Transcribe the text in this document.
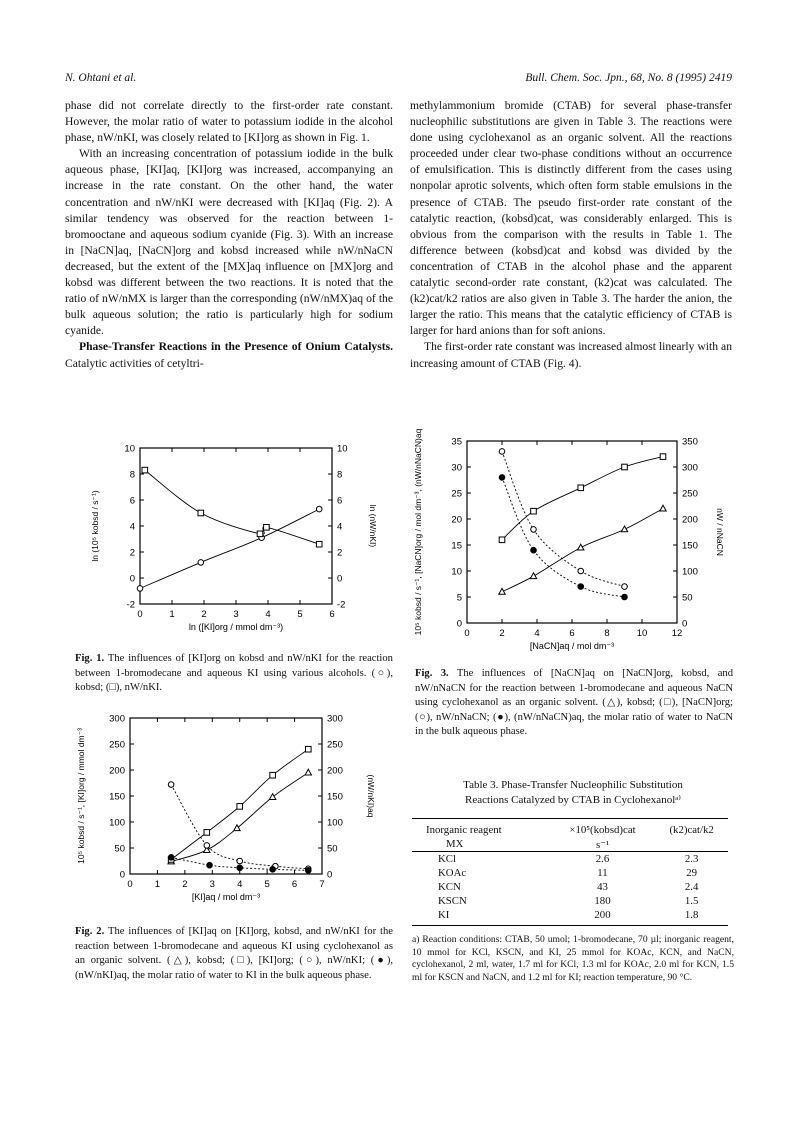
N. Ohtani et al.	Bull. Chem. Soc. Jpn., 68, No. 8 (1995) 2419

phase did not correlate directly to the first-order rate constant. However, the molar ratio of water to potassium iodide in the alcohol phase, nW/nKI, was closely related to [KI]org as shown in Fig. 1.

With an increasing concentration of potassium iodide in the bulk aqueous phase, [KI]aq, [KI]org was increased, accompanying an increase in the rate constant. On the other hand, the water concentration and nW/nKI were decreased with [KI]aq (Fig. 2). A similar tendency was observed for the reaction between 1-bromooctane and aqueous sodium cyanide (Fig. 3). With an increase in [NaCN]aq, [NaCN]org and kobsd increased while nW/nNaCN decreased, but the extent of the [MX]aq influence on [MX]org and kobsd was different between the two reactions. It is noted that the ratio of nW/nMX is larger than the corresponding (nW/nMX)aq of the bulk aqueous solution; the ratio is particularly high for sodium cyanide.

Phase-Transfer Reactions in the Presence of Onium Catalysts. Catalytic activities of cetyltri-

methylammonium bromide (CTAB) for several phase-transfer nucleophilic substitutions are given in Table 3. The reactions were done using cyclohexanol as an organic solvent. All the reactions proceeded under clear two-phase conditions without an occurrence of emulsification. This is distinctly different from the cases using nonpolar aprotic solvents, which often form stable emulsions in the presence of CTAB. The pseudo first-order rate constant of the catalytic reaction, (kobsd)cat, was considerably enlarged. This is obvious from the comparison with the results in Table 1. The difference between (kobsd)cat and kobsd was divided by the concentration of CTAB in the alcohol phase and the apparent catalytic second-order rate constant, (k2)cat was calculated. The (k2)cat/k2 ratios are also given in Table 3. The harder the anion, the larger the ratio. This means that the catalytic efficiency of CTAB is larger for hard anions than for soft anions.

The first-order rate constant was increased almost linearly with an increasing amount of CTAB (Fig. 4).

0	1	2	3	4	5	6
-2
0
2
4
6
8
10
-2
0
2
4
6
8
10
ln ([KI]org / mmol dm⁻³)
ln (10⁵ kobsd / s⁻¹)	ln (nW/nKI)
Fig. 1. The influences of [KI]org on kobsd and nW/nKI for the reaction between 1-bromodecane and aqueous KI using various alcohols. (○), kobsd; (□), nW/nKI.
0 1 2 3 4 5 6 7
0
50
100
150
200
250
300
0
50
100
150
200
250
300
[KI]aq / mol dm⁻³
10⁵ kobsd / s⁻¹, [KI]org / mmol dm⁻³	(nW/nKI)aq
Fig. 2. The influences of [KI]aq on [KI]org, kobsd, and nW/nKI for the reaction between 1-bromodecane and aqueous KI using cyclohexanol as an organic solvent. (△), kobsd; (□), [KI]org; (○), nW/nKI; (●), (nW/nKI)aq, the molar ratio of water to KI in the bulk aqueous phase.
0	2	4	6	8	10	12
0
5
10
15
20
25
30
35
0
50
100
150
200
250
300
350
[NaCN]aq / mol dm⁻³
10⁵ kobsd / s⁻¹, [NaCN]org / mol dm⁻³, (nW/nNaCN)aq	nW / nNaCN
Fig. 3. The influences of [NaCN]aq on [NaCN]org, kobsd, and nW/nNaCN for the reaction between 1-bromodecane and aqueous NaCN using cyclohexanol as an organic solvent. (△), kobsd; (□), [NaCN]org; (○), nW/nNaCN; (●), (nW/nNaCN)aq, the molar ratio of water to NaCN in the bulk aqueous phase.
Table 3. Phase-Transfer Nucleophilic Substitution
Reactions Catalyzed by CTAB in Cyclohexanolᵃ⁾
Inorganic reagent	×10⁵(kobsd)cat	(k2)cat/k2
MX	s⁻¹	
KCl	2.6	2.3
KOAc	11	29
KCN	43	2.4
KSCN	180	1.5
KI	200	1.8
a) Reaction conditions: CTAB, 50 umol; 1-bromodecane, 70 µl; inorganic reagent, 10 mmol for KCl, KSCN, and KI, 25 mmol for KOAc, KCN, and NaCN, cyclohexanol, 2 ml, water, 1.7 ml for KCl, 1.3 ml for KOAc, 2.0 ml for KCN, 1.5 ml for KSCN and NaCN, and 1.2 ml for KI; reaction temperature, 90 °C.
